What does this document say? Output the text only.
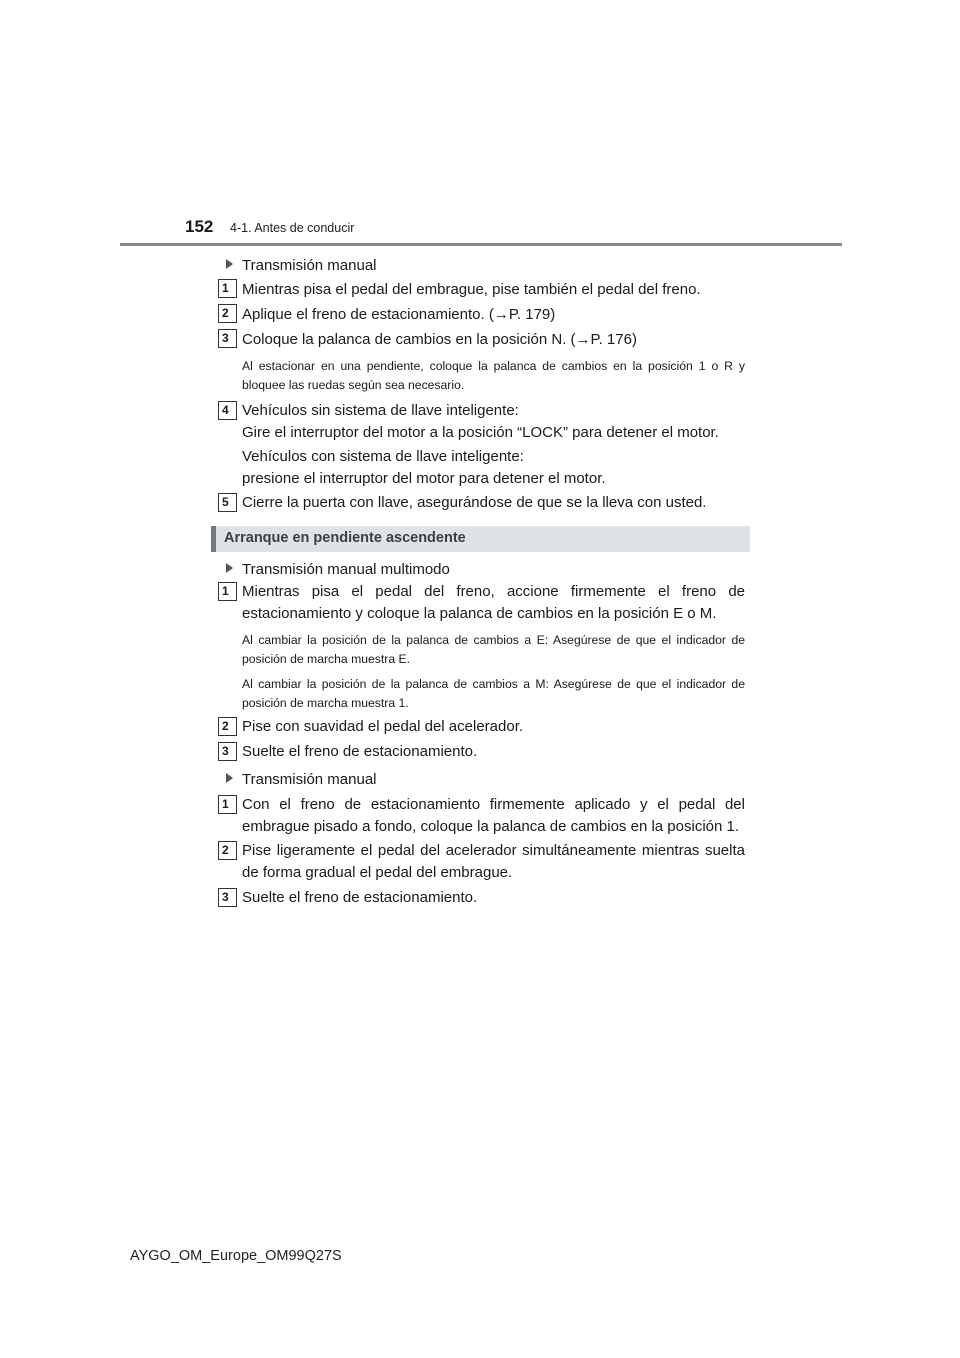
152 4-1. Antes de conducir
Transmisión manual
1 Mientras pisa el pedal del embrague, pise también el pedal del freno.
2 Aplique el freno de estacionamiento. (→P. 179)
3 Coloque la palanca de cambios en la posición N. (→P. 176)
Al estacionar en una pendiente, coloque la palanca de cambios en la posición 1 o R y bloquee las ruedas según sea necesario.
4 Vehículos sin sistema de llave inteligente:
Gire el interruptor del motor a la posición “LOCK” para detener el motor.
Vehículos con sistema de llave inteligente:
presione el interruptor del motor para detener el motor.
5 Cierre la puerta con llave, asegurándose de que se la lleva con usted.
Arranque en pendiente ascendente
Transmisión manual multimodo
1 Mientras pisa el pedal del freno, accione firmemente el freno de estacionamiento y coloque la palanca de cambios en la posición E o M.
Al cambiar la posición de la palanca de cambios a E: Asegúrese de que el indicador de posición de marcha muestra E.
Al cambiar la posición de la palanca de cambios a M: Asegúrese de que el indicador de posición de marcha muestra 1.
2 Pise con suavidad el pedal del acelerador.
3 Suelte el freno de estacionamiento.
Transmisión manual
1 Con el freno de estacionamiento firmemente aplicado y el pedal del embrague pisado a fondo, coloque la palanca de cambios en la posición 1.
2 Pise ligeramente el pedal del acelerador simultáneamente mientras suelta de forma gradual el pedal del embrague.
3 Suelte el freno de estacionamiento.
AYGO_OM_Europe_OM99Q27S
